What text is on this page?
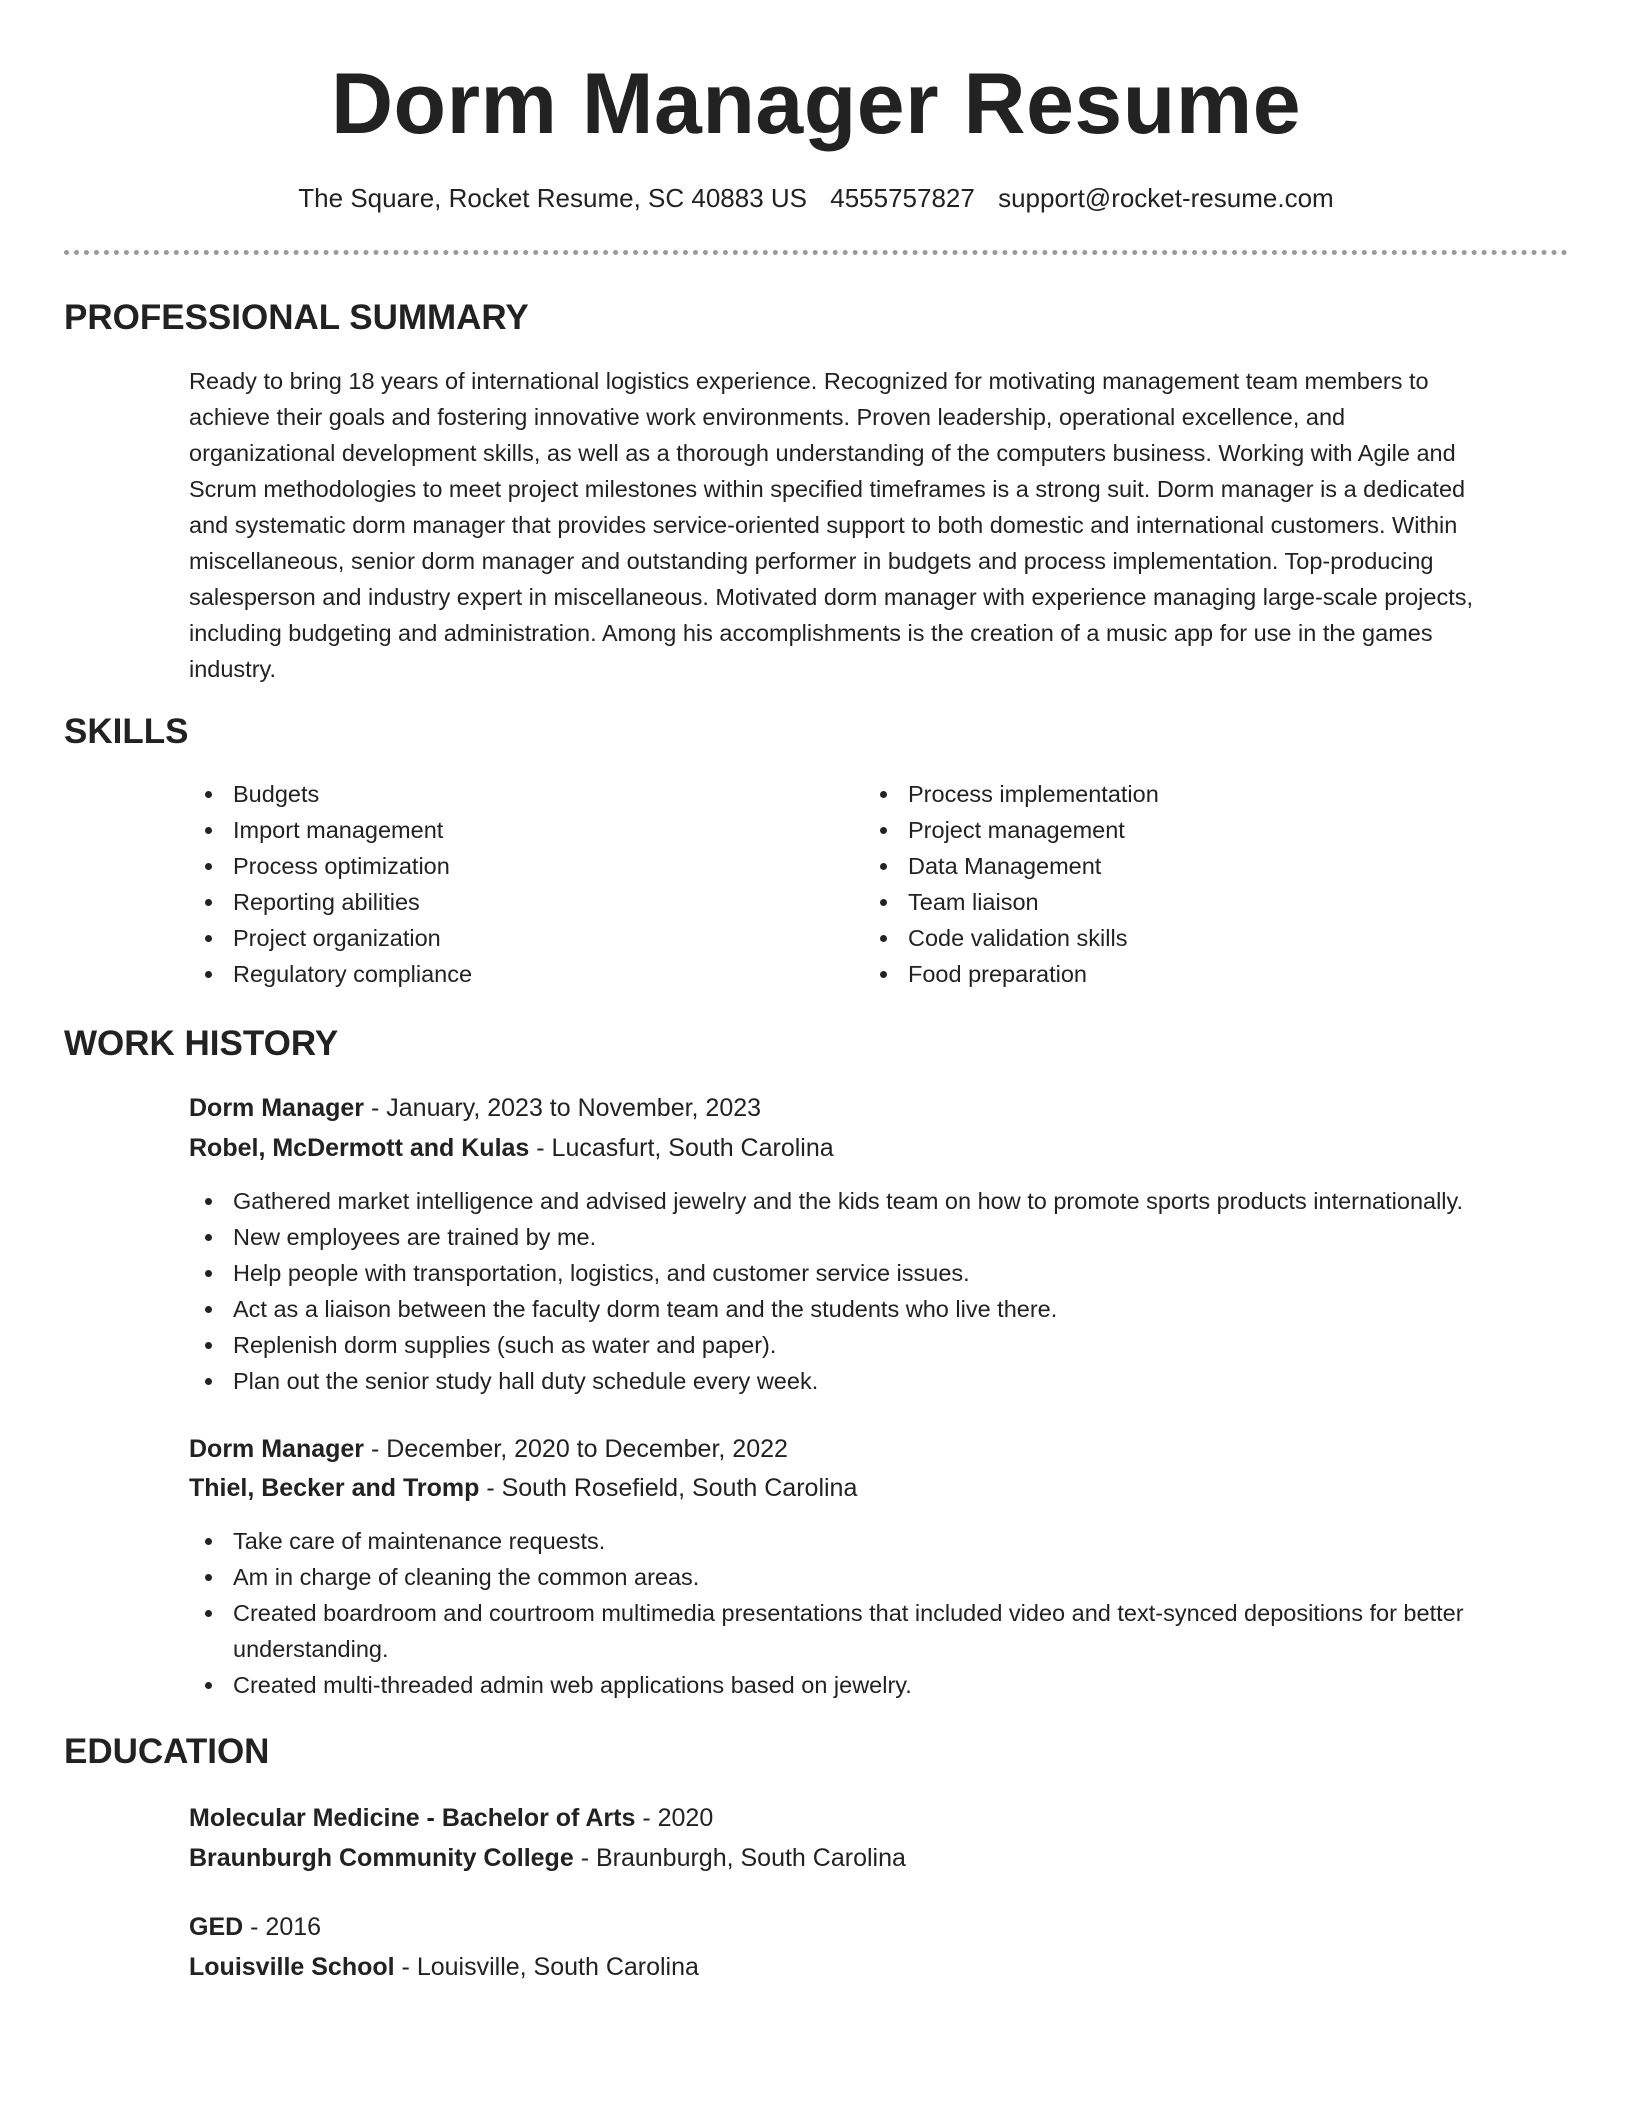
Dorm Manager Resume
The Square, Rocket Resume, SC 40883 US 4555757827 support@rocket-resume.com
PROFESSIONAL SUMMARY
Ready to bring 18 years of international logistics experience. Recognized for motivating management team members to
achieve their goals and fostering innovative work environments. Proven leadership, operational excellence, and
organizational development skills, as well as a thorough understanding of the computers business. Working with Agile and
Scrum methodologies to meet project milestones within specified timeframes is a strong suit. Dorm manager is a dedicated
and systematic dorm manager that provides service-oriented support to both domestic and international customers. Within
miscellaneous, senior dorm manager and outstanding performer in budgets and process implementation. Top-producing
salesperson and industry expert in miscellaneous. Motivated dorm manager with experience managing large-scale projects,
including budgeting and administration. Among his accomplishments is the creation of a music app for use in the games
industry.
SKILLS
Budgets
Import management
Process optimization
Reporting abilities
Project organization
Regulatory compliance
Process implementation
Project management
Data Management
Team liaison
Code validation skills
Food preparation
WORK HISTORY
Dorm Manager - January, 2023 to November, 2023
Robel, McDermott and Kulas - Lucasfurt, South Carolina
Gathered market intelligence and advised jewelry and the kids team on how to promote sports products internationally.
New employees are trained by me.
Help people with transportation, logistics, and customer service issues.
Act as a liaison between the faculty dorm team and the students who live there.
Replenish dorm supplies (such as water and paper).
Plan out the senior study hall duty schedule every week.
Dorm Manager - December, 2020 to December, 2022
Thiel, Becker and Tromp - South Rosefield, South Carolina
Take care of maintenance requests.
Am in charge of cleaning the common areas.
Created boardroom and courtroom multimedia presentations that included video and text-synced depositions for better
understanding.
Created multi-threaded admin web applications based on jewelry.
EDUCATION
Molecular Medicine - Bachelor of Arts - 2020
Braunburgh Community College - Braunburgh, South Carolina
GED - 2016
Louisville School - Louisville, South Carolina
